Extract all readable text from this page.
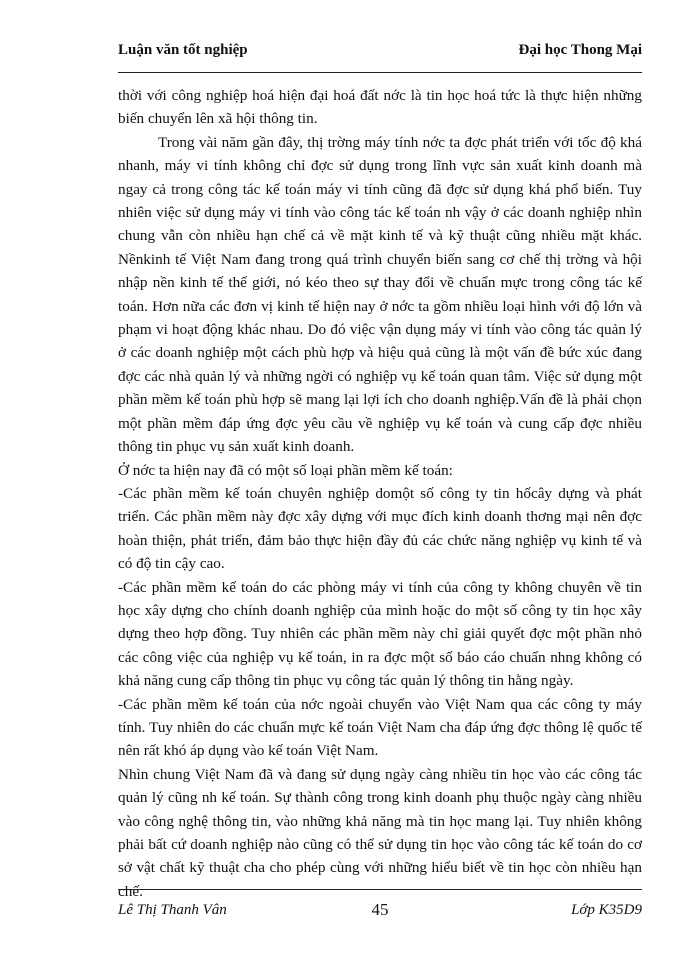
Luận văn tốt nghiệp	Đại học Thong Mại

thời với công nghiệp hoá hiện đại hoá đất nớc là tin học hoá tức là thực hiện những biến chuyển lên xã hội thông tin.

Trong vài năm gần đây, thị trờng máy tính nớc ta đợc phát triển với tốc độ khá nhanh, máy vi tính không chỉ đợc sử dụng trong lĩnh vực sản xuất kinh doanh mà ngay cả trong công tác kế toán máy vi tính cũng đã đợc sử dụng khá phổ biến. Tuy nhiên việc sử dụng máy vi tính vào công tác kế toán nh vậy ở các doanh nghiệp nhìn chung vẫn còn nhiều hạn chế cả về mặt kinh tế và kỹ thuật cũng nhiều mặt khác. Nềnkinh tế Việt Nam đang trong quá trình chuyển biến sang cơ chế thị trờng và hội nhập nền kinh tế thế giới, nó kéo theo sự thay đổi về chuẩn mực trong công tác kế toán. Hơn nữa các đơn vị kinh tế hiện nay ở nớc ta gồm nhiều loại hình với độ lớn và phạm vi hoạt động khác nhau. Do đó việc vận dụng máy vi tính vào công tác quản lý ở các doanh nghiệp một cách phù hợp và hiệu quả cũng là một vấn đề bức xúc đang đợc các nhà quản lý và những ngời có nghiệp vụ kế toán quan tâm. Việc sử dụng một phần mềm kế toán phù hợp sẽ mang lại lợi ích cho doanh nghiệp.Vấn đề là phải chọn một phần mềm đáp ứng đợc yêu cầu về nghiệp vụ kế toán và cung cấp đợc nhiều thông tin phục vụ sản xuất kinh doanh.

Ở nớc ta hiện nay đã có một số loại phần mềm kế toán:

-Các phần mềm kế toán chuyên nghiệp domột số công ty tin hốcây dựng và phát triển. Các phần mềm này đợc xây dựng với mục đích kinh doanh thơng mại nên đợc hoàn thiện, phát triển, đảm bảo thực hiện đầy đủ các chức năng nghiệp vụ kinh tế và có độ tin cậy cao.

-Các phần mềm kế toán do các phòng máy vi tính của công ty không chuyên về tin học xây dựng cho chính doanh nghiệp của mình hoặc do một số công ty tin học xây dựng theo hợp đồng. Tuy nhiên các phần mềm này chỉ giải quyết đợc một phần nhỏ các công việc của nghiệp vụ kế toán, in ra đợc một số báo cáo chuẩn nhng không có khả năng cung cấp thông tin phục vụ công tác quản lý thông tin hằng ngày.

-Các phần mềm kế toán của nớc ngoài chuyển vào Việt Nam qua các công ty máy tính. Tuy nhiên do các chuẩn mực kế toán Việt Nam cha đáp ứng đợc thông lệ quốc tế nên rất khó áp dụng vào kế toán Việt Nam.

Nhìn chung Việt Nam đã và đang sử dụng ngày càng nhiều tin học vào các công tác quản lý cũng nh kế toán. Sự thành công trong kinh doanh phụ thuộc ngày càng nhiều vào công nghệ thông tin, vào những khả năng mà tin học mang lại. Tuy nhiên không phải bất cứ doanh nghiệp nào cũng có thể sử dụng tin học vào công tác kế toán do cơ sở vật chất kỹ thuật cha cho phép cùng với những hiểu biết về tin học còn nhiều hạn chế.

Lê Thị Thanh Vân	45	Lớp K35D9
